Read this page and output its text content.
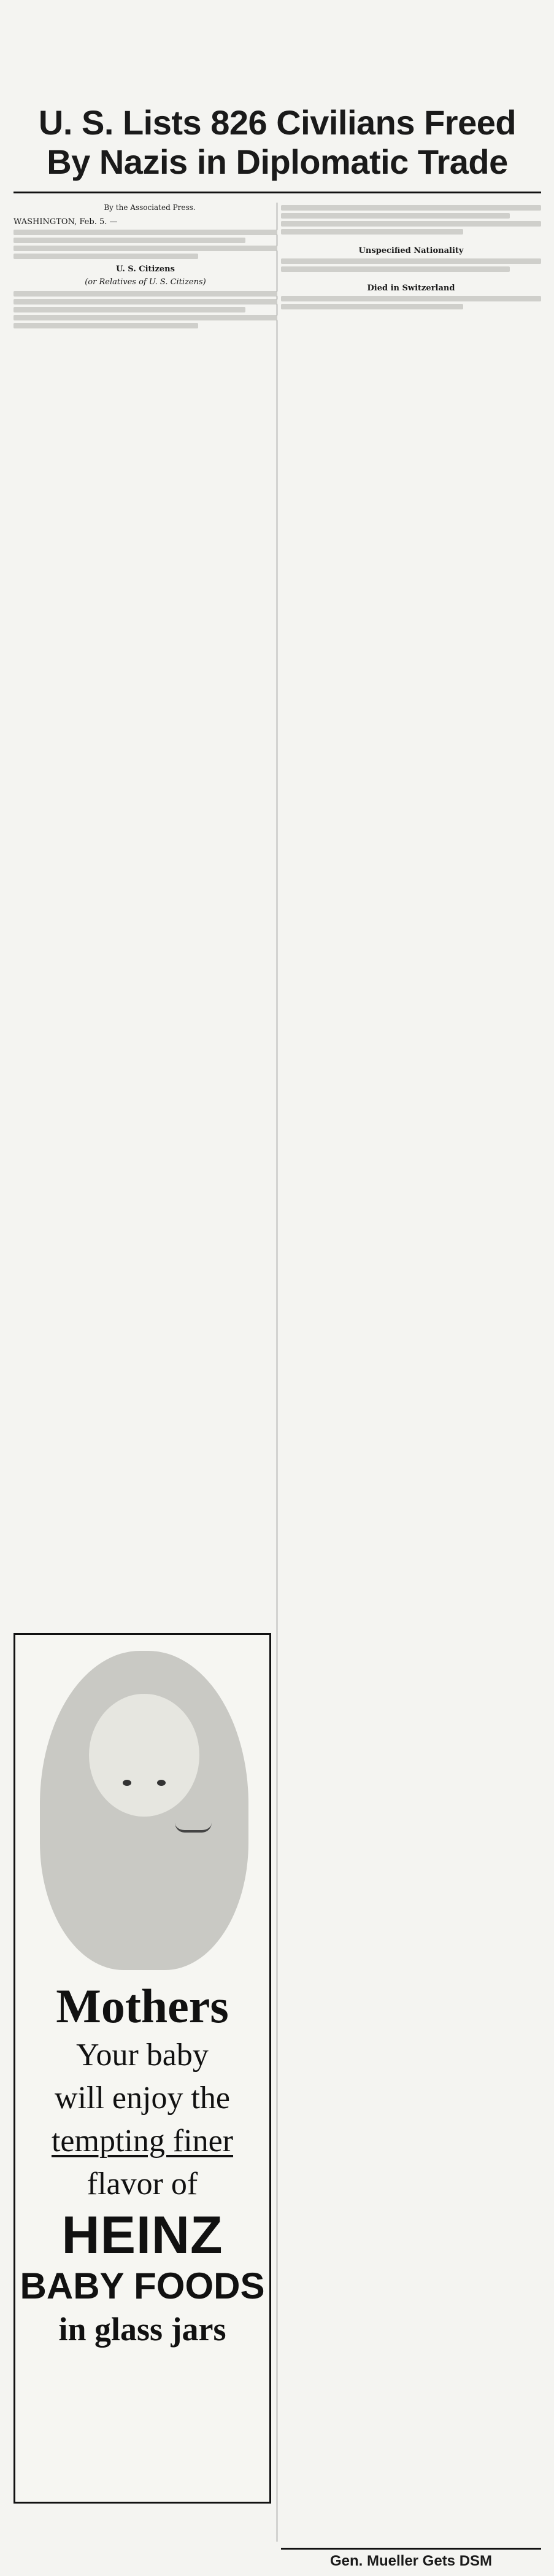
U. S. Lists 826 Civilians Freed By Nazis in Diplomatic Trade

By the Associated Press.

WASHINGTON, Feb. 5. —

U. S. Citizens

(or Relatives of U. S. Citizens)

Unspecified Nationality

Died in Switzerland

Mothers
Your baby
will enjoy the
tempting finer
flavor of
HEINZ
BABY FOODS
in glass jars
Gen. Mueller Gets DSM
